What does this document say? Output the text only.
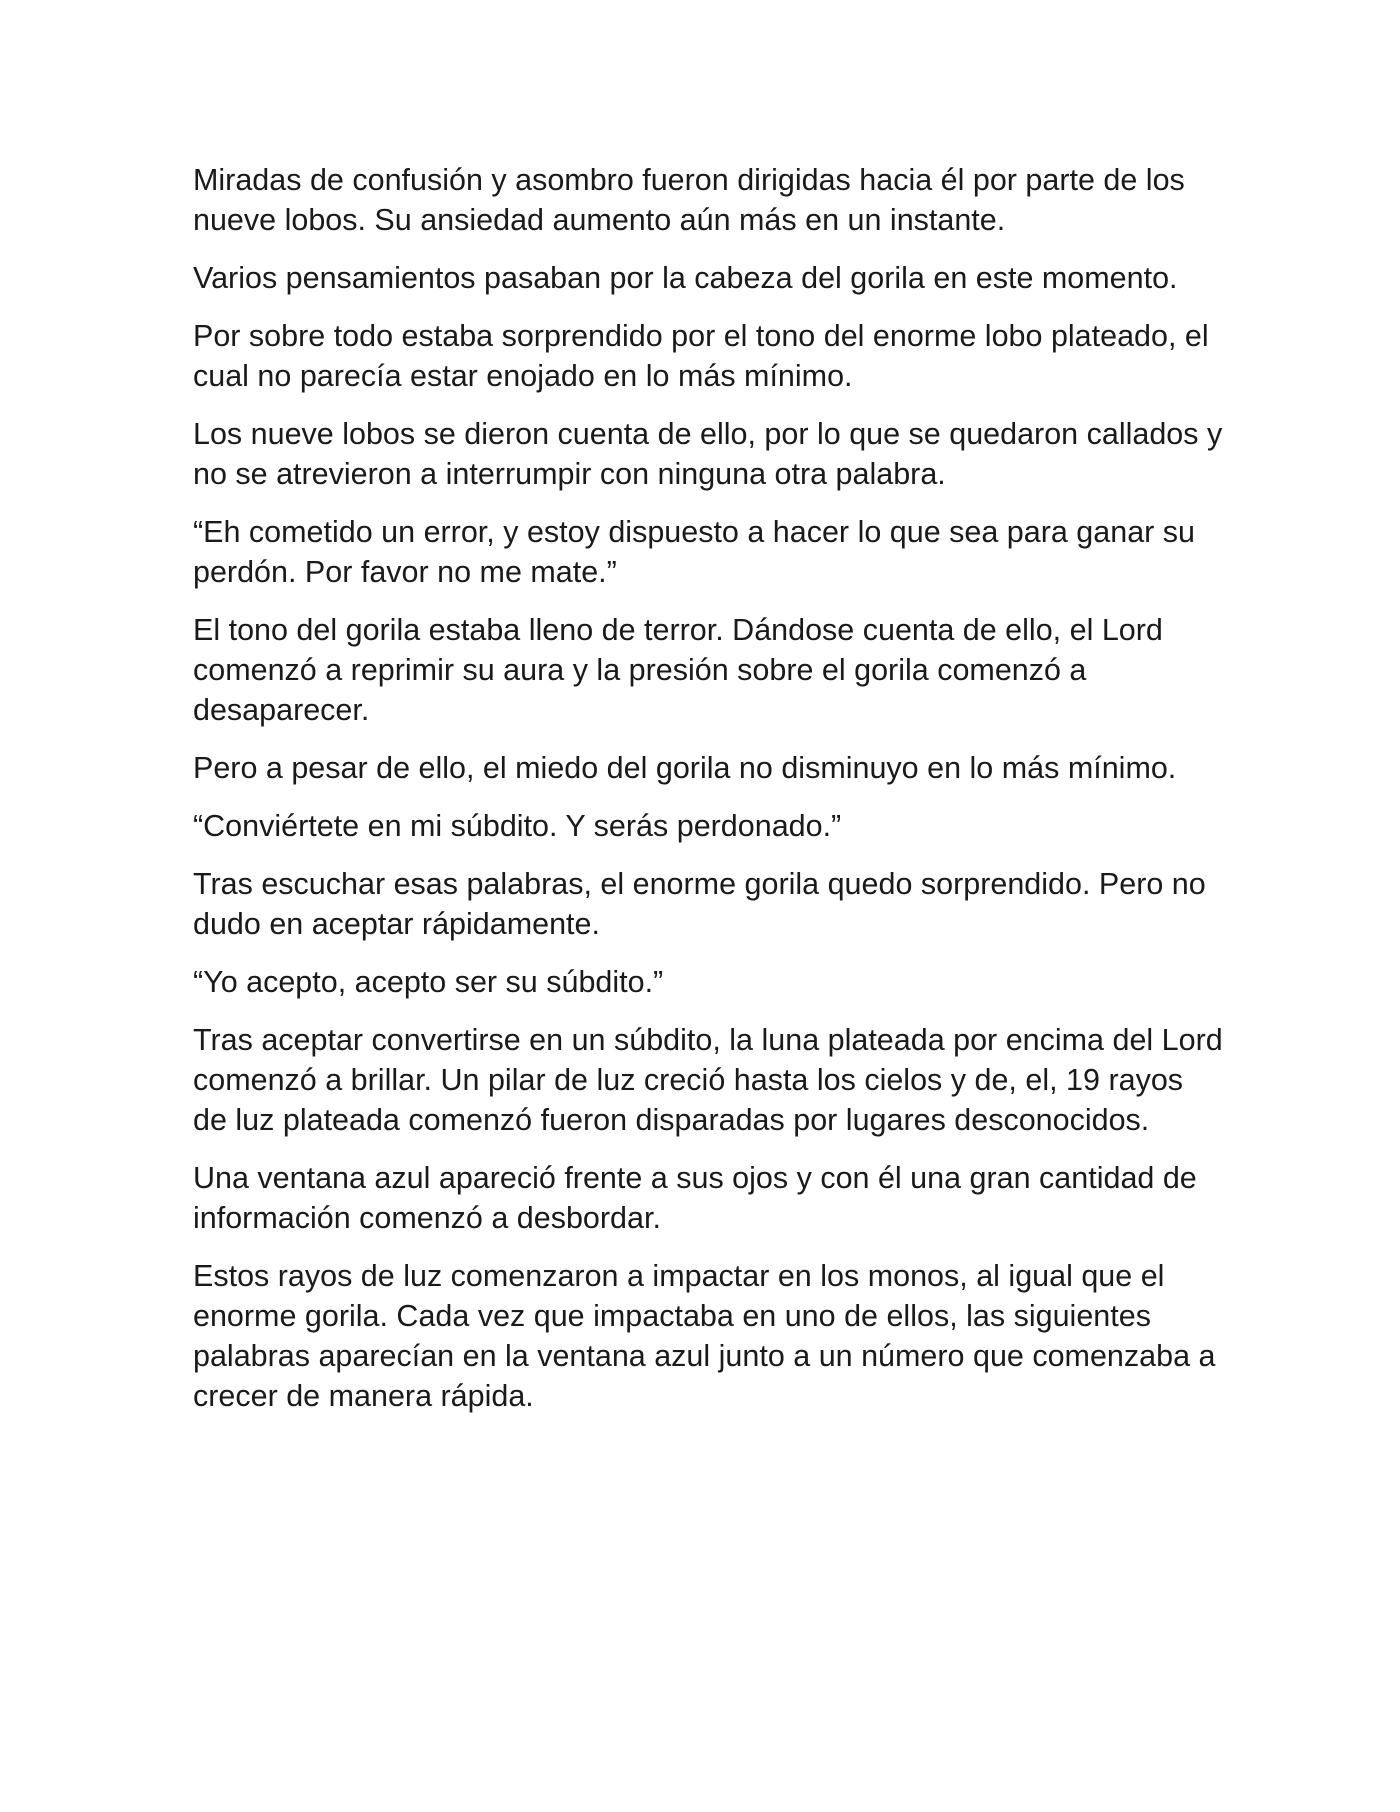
Miradas de confusión y asombro fueron dirigidas hacia él por parte de los nueve lobos. Su ansiedad aumento aún más en un instante.

Varios pensamientos pasaban por la cabeza del gorila en este momento.

Por sobre todo estaba sorprendido por el tono del enorme lobo plateado, el cual no parecía estar enojado en lo más mínimo.

Los nueve lobos se dieron cuenta de ello, por lo que se quedaron callados y no se atrevieron a interrumpir con ninguna otra palabra.

“Eh cometido un error, y estoy dispuesto a hacer lo que sea para ganar su perdón. Por favor no me mate.”

El tono del gorila estaba lleno de terror. Dándose cuenta de ello, el Lord comenzó a reprimir su aura y la presión sobre el gorila comenzó a desaparecer.

Pero a pesar de ello, el miedo del gorila no disminuyo en lo más mínimo.

“Conviértete en mi súbdito. Y serás perdonado.”

Tras escuchar esas palabras, el enorme gorila quedo sorprendido. Pero no dudo en aceptar rápidamente.

“Yo acepto, acepto ser su súbdito.”

Tras aceptar convertirse en un súbdito, la luna plateada por encima del Lord comenzó a brillar. Un pilar de luz creció hasta los cielos y de, el, 19 rayos de luz plateada comenzó fueron disparadas por lugares desconocidos.

Una ventana azul apareció frente a sus ojos y con él una gran cantidad de información comenzó a desbordar.

Estos rayos de luz comenzaron a impactar en los monos, al igual que el enorme gorila. Cada vez que impactaba en uno de ellos, las siguientes palabras aparecían en la ventana azul junto a un número que comenzaba a crecer de manera rápida.
